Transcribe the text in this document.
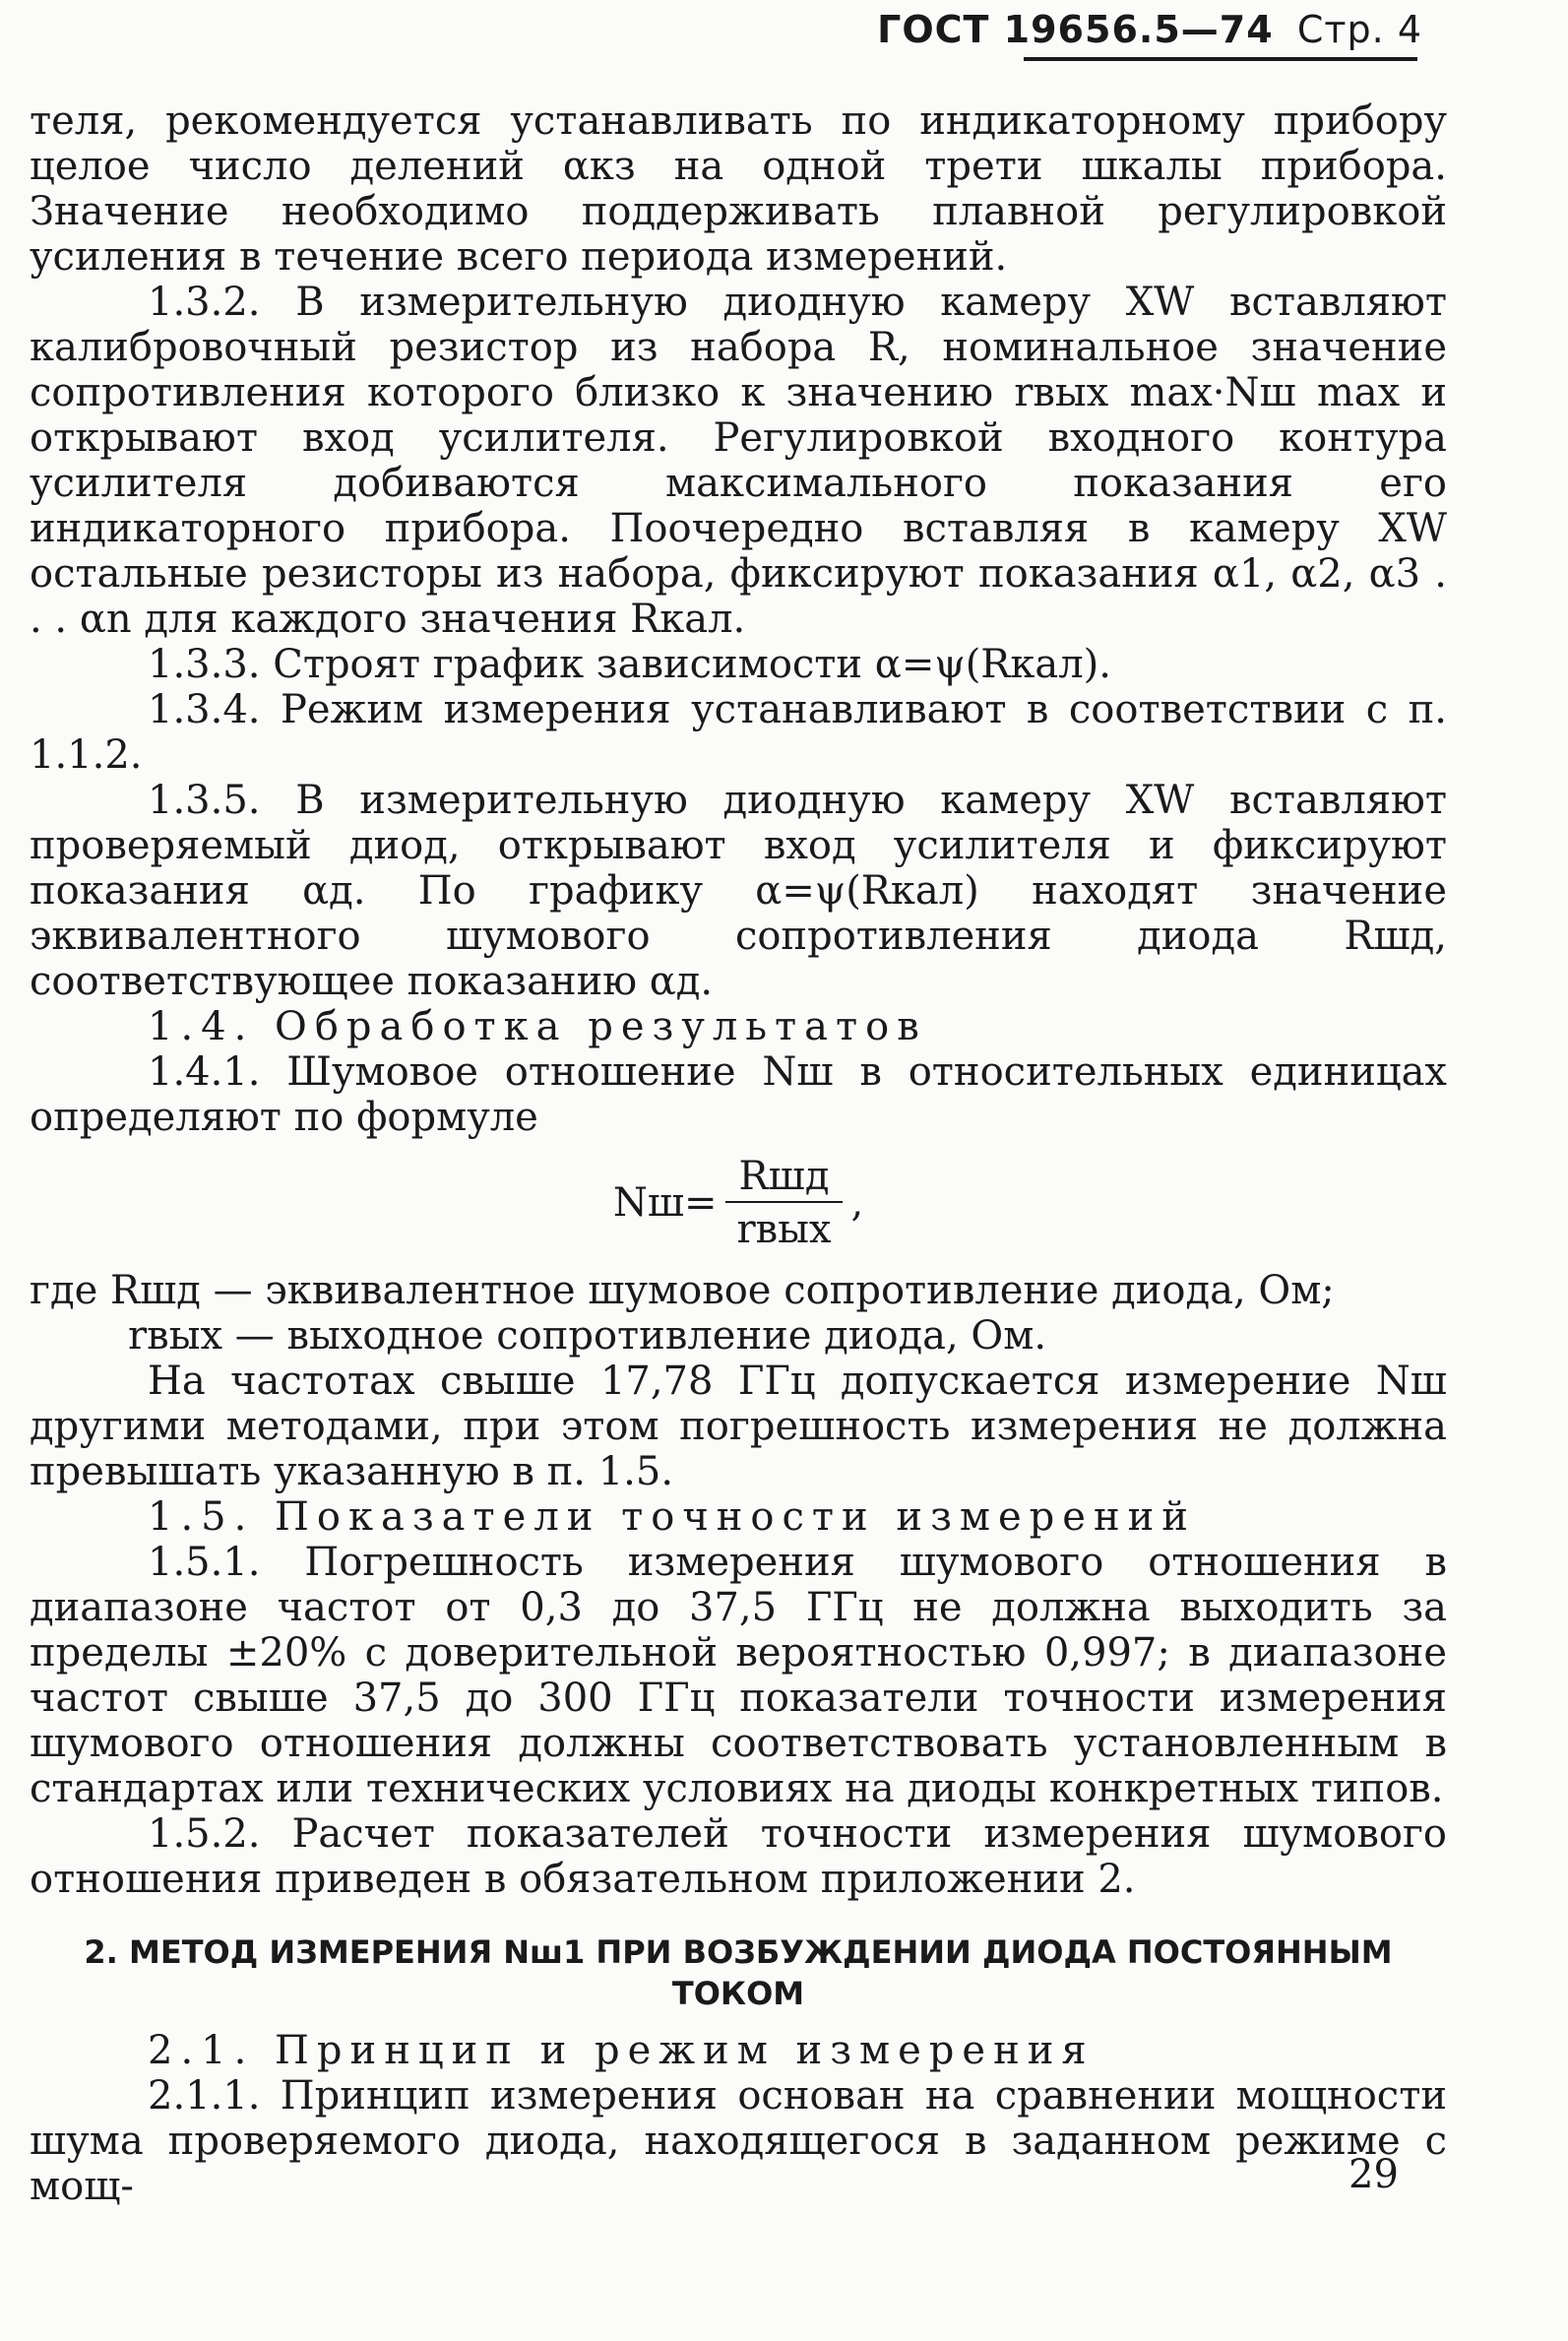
ГОСТ 19656.5—74 Стр. 4

теля, рекомендуется устанавливать по индикаторному прибору целое число делений αкз на одной трети шкалы прибора. Значение необходимо поддерживать плавной регулировкой усиления в течение всего периода измерений.

1.3.2. В измерительную диодную камеру XW вставляют калибровочный резистор из набора R, номинальное значение сопротивления которого близко к значению rвых max·Nш max и открывают вход усилителя. Регулировкой входного контура усилителя добиваются максимального показания его индикаторного прибора. Поочередно вставляя в камеру XW остальные резисторы из набора, фиксируют показания α1, α2, α3 . . . αn для каждого значения Rкал.

1.3.3. Строят график зависимости α=ψ(Rкал).

1.3.4. Режим измерения устанавливают в соответствии с п. 1.1.2.

1.3.5. В измерительную диодную камеру XW вставляют проверяемый диод, открывают вход усилителя и фиксируют показания αд. По графику α=ψ(Rкал) находят значение эквивалентного шумового сопротивления диода Rшд, соответствующее показанию αд.

1.4. Обработка результатов

1.4.1. Шумовое отношение Nш в относительных единицах определяют по формуле

$Nш= \frac{\text{Rшд}}{\text{rвых}}$ ,

где Rшд — эквивалентное шумовое сопротивление диода, Ом;

rвых — выходное сопротивление диода, Ом.

На частотах свыше 17,78 ГГц допускается измерение Nш другими методами, при этом погрешность измерения не должна превышать указанную в п. 1.5.

1.5. Показатели точности измерений

1.5.1. Погрешность измерения шумового отношения в диапазоне частот от 0,3 до 37,5 ГГц не должна выходить за пределы ±20% с доверительной вероятностью 0,997; в диапазоне частот свыше 37,5 до 300 ГГц показатели точности измерения шумового отношения должны соответствовать установленным в стандартах или технических условиях на диоды конкретных типов.

1.5.2. Расчет показателей точности измерения шумового отношения приведен в обязательном приложении 2.

2. МЕТОД ИЗМЕРЕНИЯ Nш1 ПРИ ВОЗБУЖДЕНИИ ДИОДА ПОСТОЯННЫМ
ТОКОМ

2.1. Принцип и режим измерения

2.1.1. Принцип измерения основан на сравнении мощности шума проверяемого диода, находящегося в заданном режиме с мощ-	29
